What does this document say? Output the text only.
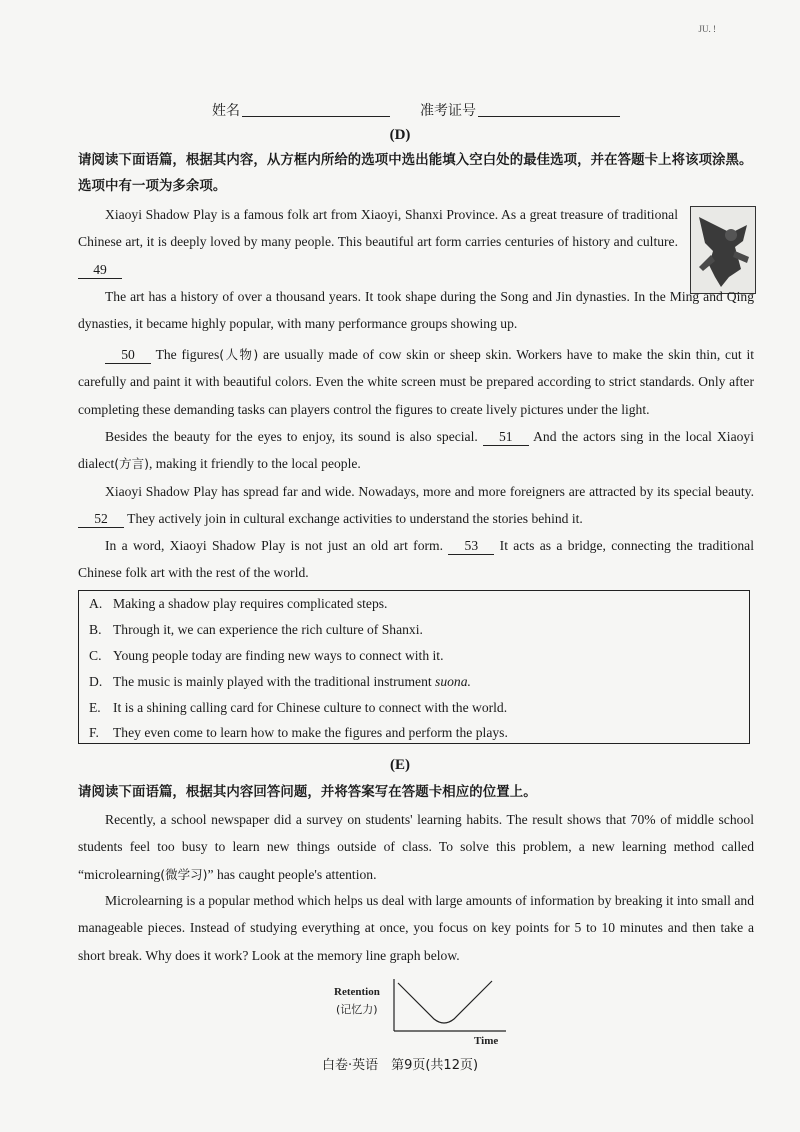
JU. !
姓名	准考证号
(D)
请阅读下面语篇，根据其内容，从方框内所给的选项中选出能填入空白处的最佳选项，并在答题卡上将该项涂黑。选项中有一项为多余项。
Xiaoyi Shadow Play is a famous folk art from Xiaoyi, Shanxi Province. As a great treasure of traditional Chinese art, it is deeply loved by many people. This beautiful art form carries centuries of history and culture. 49
The art has a history of over a thousand years. It took shape during the Song and Jin dynasties. In the Ming and Qing dynasties, it became highly popular, with many performance groups showing up.
50 The figures(人物) are usually made of cow skin or sheep skin. Workers have to make the skin thin, cut it carefully and paint it with beautiful colors. Even the white screen must be prepared according to strict standards. Only after completing these demanding tasks can players control the figures to create lively pictures under the light.
Besides the beauty for the eyes to enjoy, its sound is also special. 51 And the actors sing in the local Xiaoyi dialect(方言), making it friendly to the local people.
Xiaoyi Shadow Play has spread far and wide. Nowadays, more and more foreigners are attracted by its special beauty. 52 They actively join in cultural exchange activities to understand the stories behind it.
In a word, Xiaoyi Shadow Play is not just an old art form. 53 It acts as a bridge, connecting the traditional Chinese folk art with the rest of the world.
A. Making a shadow play requires complicated steps.
B. Through it, we can experience the rich culture of Shanxi.
C. Young people today are finding new ways to connect with it.
D. The music is mainly played with the traditional instrument suona.
E. It is a shining calling card for Chinese culture to connect with the world.
F. They even come to learn how to make the figures and perform the plays.
(E)
请阅读下面语篇，根据其内容回答问题，并将答案写在答题卡相应的位置上。
Recently, a school newspaper did a survey on students' learning habits. The result shows that 70% of middle school students feel too busy to learn new things outside of class. To solve this problem, a new learning method called “microlearning(微学习)” has caught people's attention.
Microlearning is a popular method which helps us deal with large amounts of information by breaking it into small and manageable pieces. Instead of studying everything at once, you focus on key points for 5 to 10 minutes and then take a short break. Why does it work? Look at the memory line graph below.
Retention
(记忆力)
Time
白卷·英语　第9页(共12页)
